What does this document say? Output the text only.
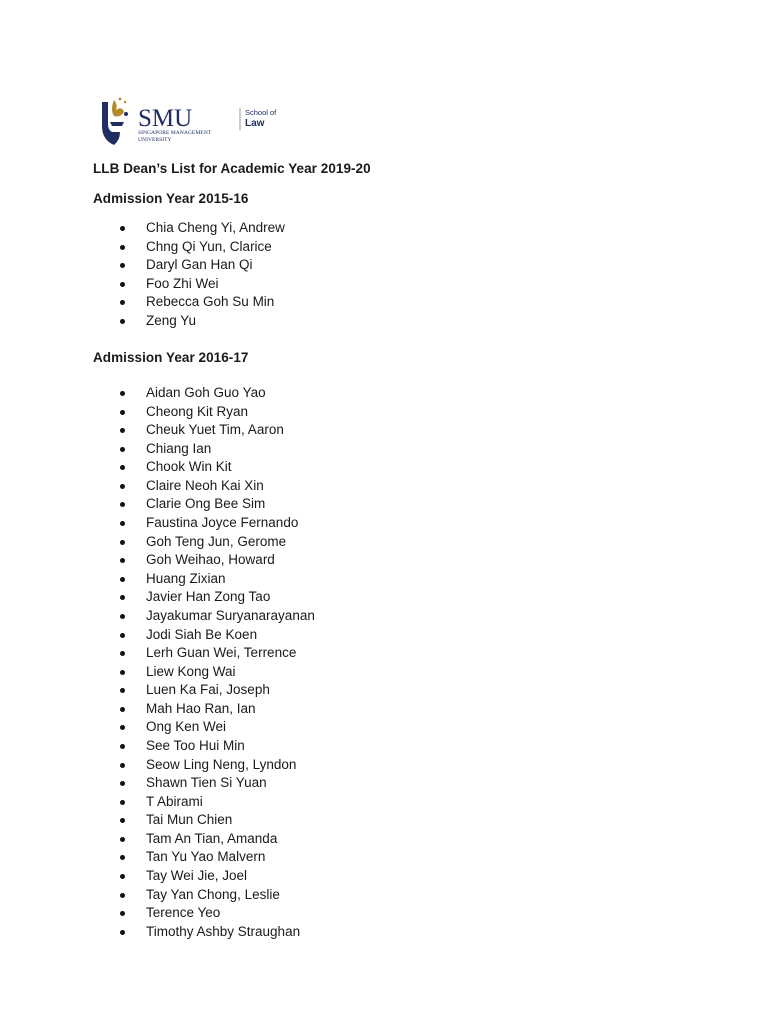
SMU
SINGAPORE MANAGEMENT
UNIVERSITY
School of
Law
LLB Dean’s List for Academic Year 2019-20
Admission Year 2015-16
Chia Cheng Yi, Andrew
Chng Qi Yun, Clarice
Daryl Gan Han Qi
Foo Zhi Wei
Rebecca Goh Su Min
Zeng Yu
Admission Year 2016-17
Aidan Goh Guo Yao
Cheong Kit Ryan
Cheuk Yuet Tim, Aaron
Chiang Ian
Chook Win Kit
Claire Neoh Kai Xin
Clarie Ong Bee Sim
Faustina Joyce Fernando
Goh Teng Jun, Gerome
Goh Weihao, Howard
Huang Zixian
Javier Han Zong Tao
Jayakumar Suryanarayanan
Jodi Siah Be Koen
Lerh Guan Wei, Terrence
Liew Kong Wai
Luen Ka Fai, Joseph
Mah Hao Ran, Ian
Ong Ken Wei
See Too Hui Min
Seow Ling Neng, Lyndon
Shawn Tien Si Yuan
T Abirami
Tai Mun Chien
Tam An Tian, Amanda
Tan Yu Yao Malvern
Tay Wei Jie, Joel
Tay Yan Chong, Leslie
Terence Yeo
Timothy Ashby Straughan
